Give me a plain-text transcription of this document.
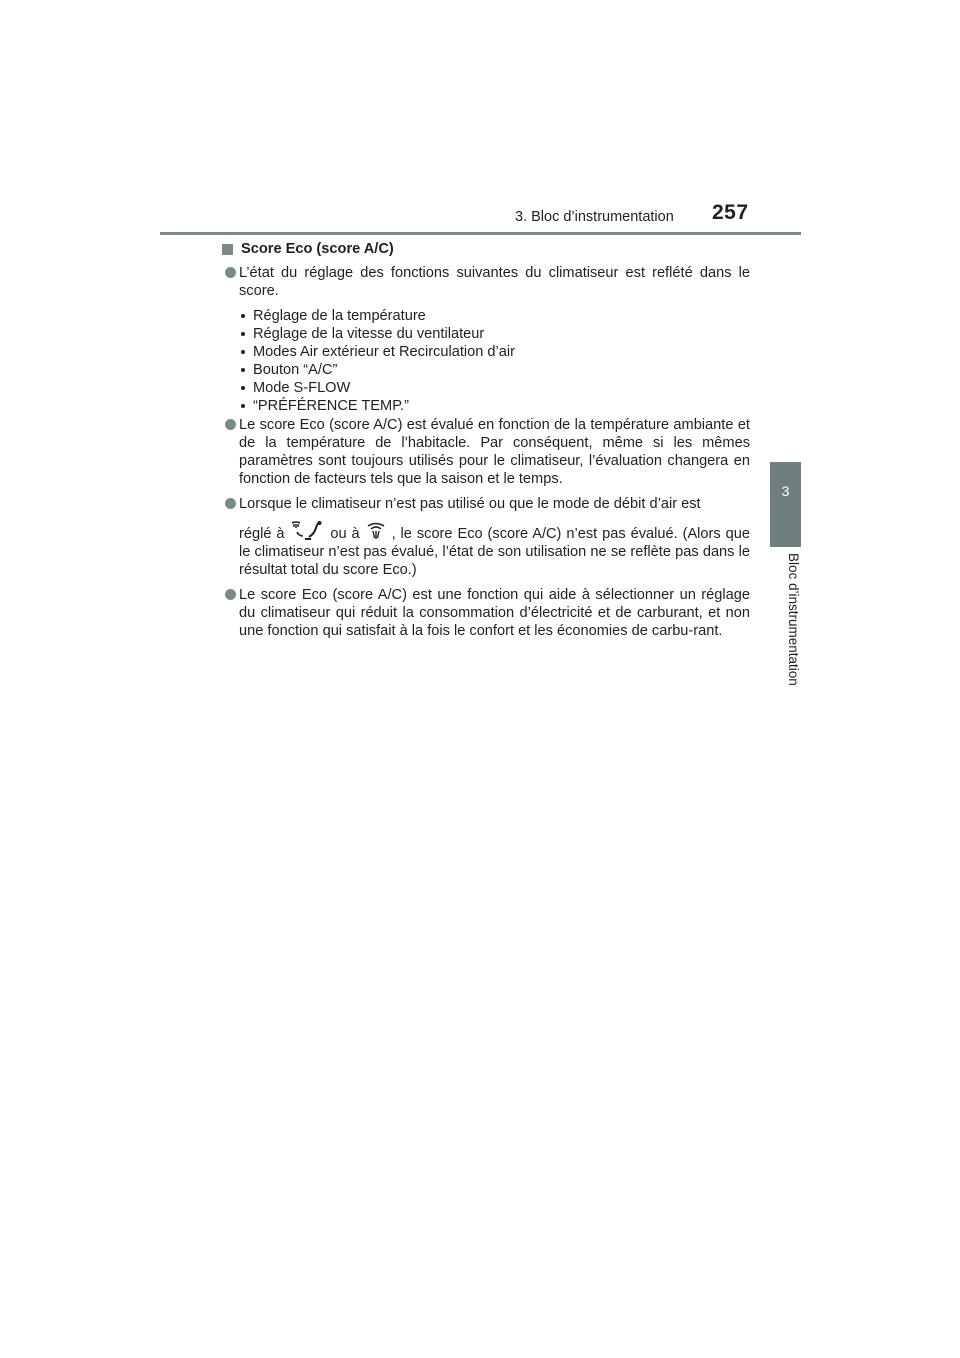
3. Bloc d’instrumentation	257
3
Bloc d’instrumentation
Score Eco (score A/C)
L’état du réglage des fonctions suivantes du climatiseur est reflété dans le score.
Réglage de la température
Réglage de la vitesse du ventilateur
Modes Air extérieur et Recirculation d’air
Bouton “A/C”
Mode S-FLOW
“PRÉFÉRENCE TEMP.”
Le score Eco (score A/C) est évalué en fonction de la température ambiante et de la température de l’habitacle. Par conséquent, même si les mêmes paramètres sont toujours utilisés pour le climatiseur, l’évaluation changera en fonction de facteurs tels que la saison et le temps.
Lorsque le climatiseur n’est pas utilisé ou que le mode de débit d’air est
réglé à	ou à , le score Eco (score A/C) n’est pas évalué. (Alors que le climatiseur n’est pas évalué, l’état de son utilisation ne se reflète pas dans le résultat total du score Eco.)
Le score Eco (score A/C) est une fonction qui aide à sélectionner un réglage du climatiseur qui réduit la consommation d’électricité et de carburant, et non une fonction qui satisfait à la fois le confort et les économies de carbu-rant.
